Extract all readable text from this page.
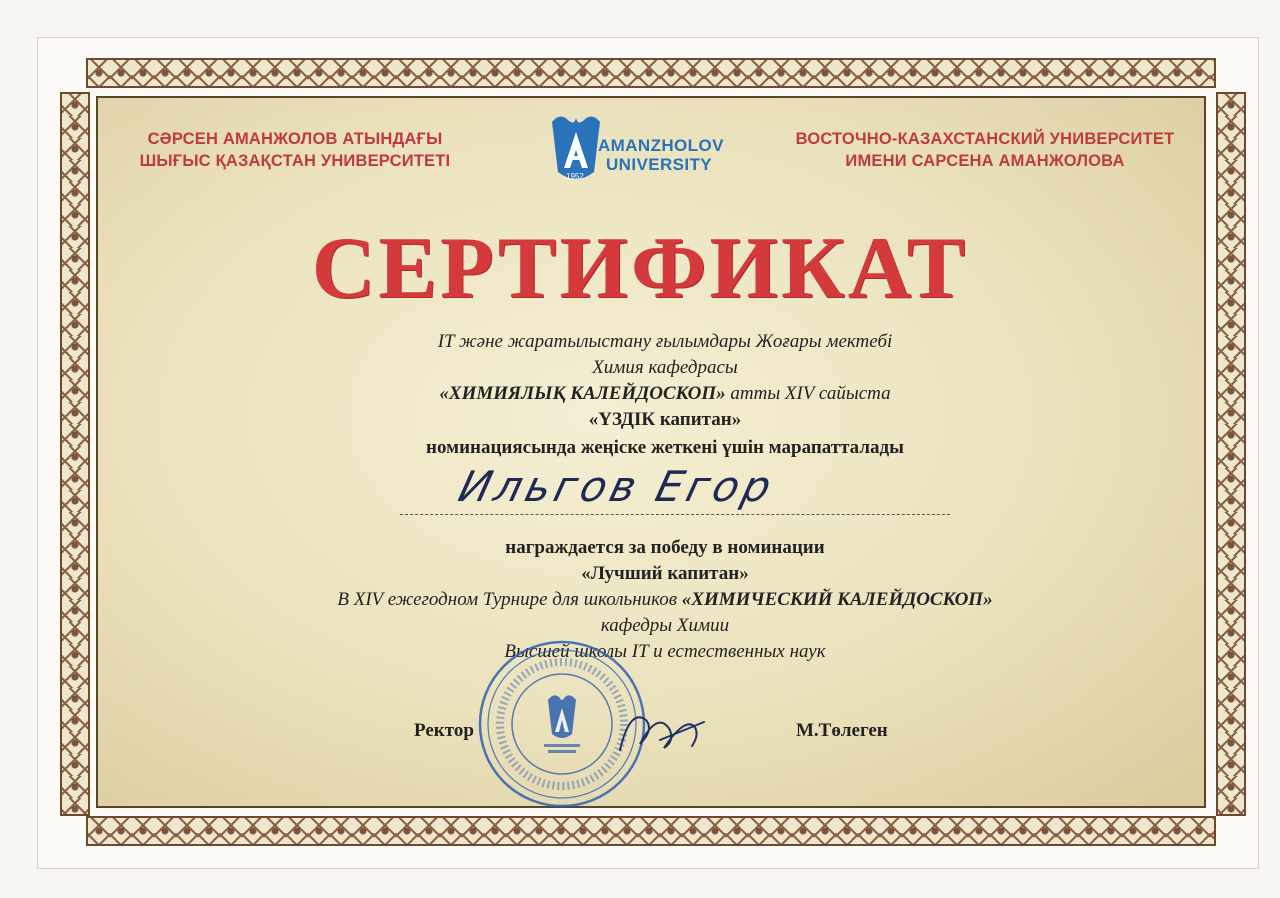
СӘРСЕН АМАНЖОЛОВ АТЫНДАҒЫ
ШЫҒЫС ҚАЗАҚСТАН УНИВЕРСИТЕТІ
1952
AMANZHOLOV
UNIVERSITY
ВОСТОЧНО-КАЗАХСТАНСКИЙ УНИВЕРСИТЕТ
ИМЕНИ САРСЕНА АМАНЖОЛОВА
СЕРТИФИКАТ
IT және жаратылыстану ғылымдары Жоғары мектебі
Химия кафедрасы
«ХИМИЯЛЫҚ КАЛЕЙДОСКОП» атты XIV сайыста
«ҮЗДІК капитан»
номинациясында жеңіске жеткені үшін марапатталады
Ильгов Егор
награждается за победу в номинации
«Лучший капитан»
В XIV ежегодном Турнире для школьников «ХИМИЧЕСКИЙ КАЛЕЙДОСКОП»
кафедры Химии
Высшей школы IT и естественных наук
Ректор	М.Төлеген
